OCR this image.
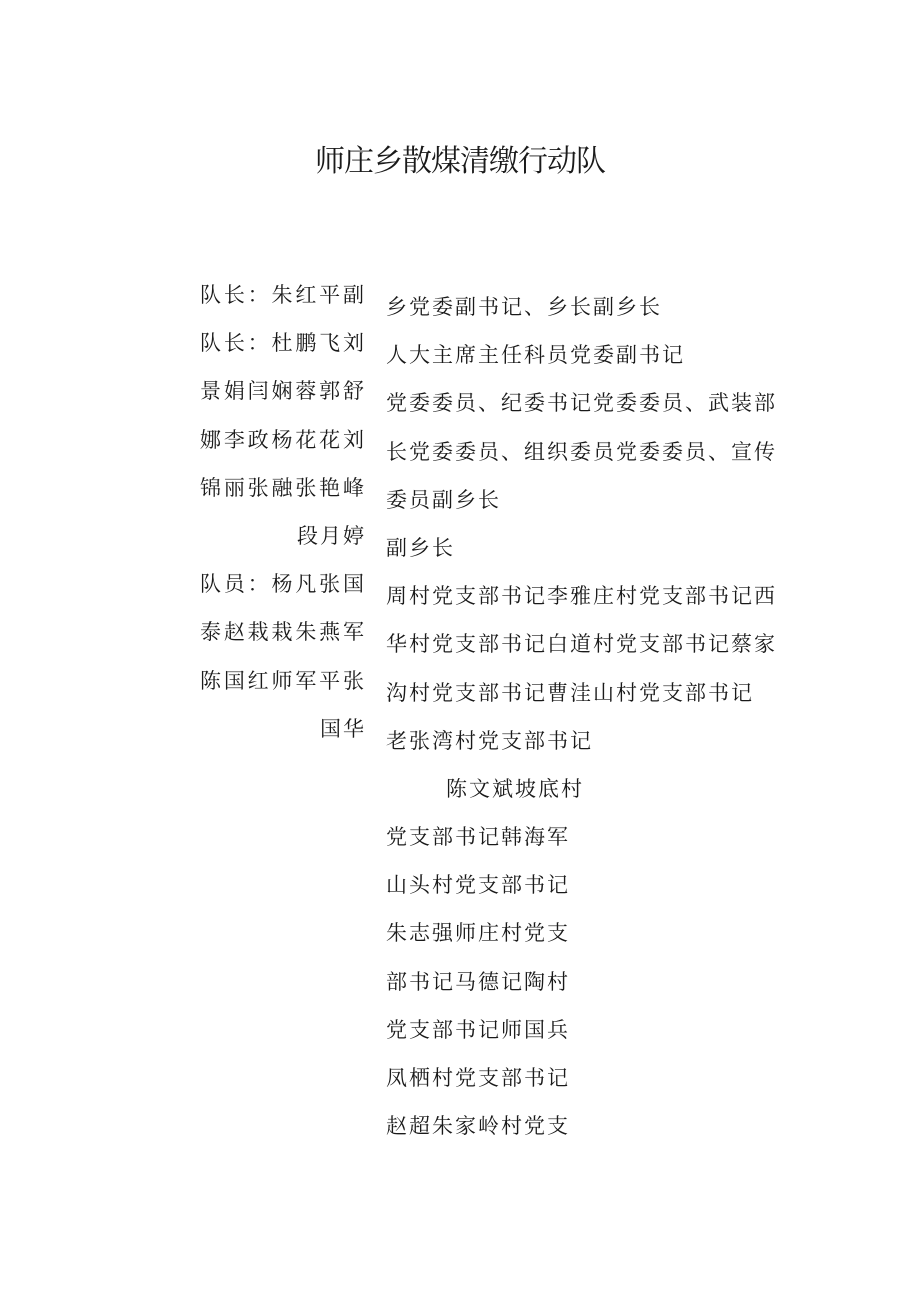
师庄乡散煤清缴行动队
队长：朱红平副
队长：杜鹏飞刘
景娟闫娴蓉郭舒
娜李政杨花花刘
锦丽张融张艳峰
段月婷
队员：杨凡张国
泰赵栽栽朱燕军
陈国红师军平张
国华
乡党委副书记、乡长副乡长
人大主席主任科员党委副书记
党委委员、纪委书记党委委员、武装部
长党委委员、组织委员党委委员、宣传
委员副乡长
副乡长
周村党支部书记李雅庄村党支部书记西
华村党支部书记白道村党支部书记蔡家
沟村党支部书记曹洼山村党支部书记
老张湾村党支部书记
陈文斌坡底村
党支部书记韩海军
山头村党支部书记
朱志强师庄村党支
部书记马德记陶村
党支部书记师国兵
凤栖村党支部书记
赵超朱家岭村党支
